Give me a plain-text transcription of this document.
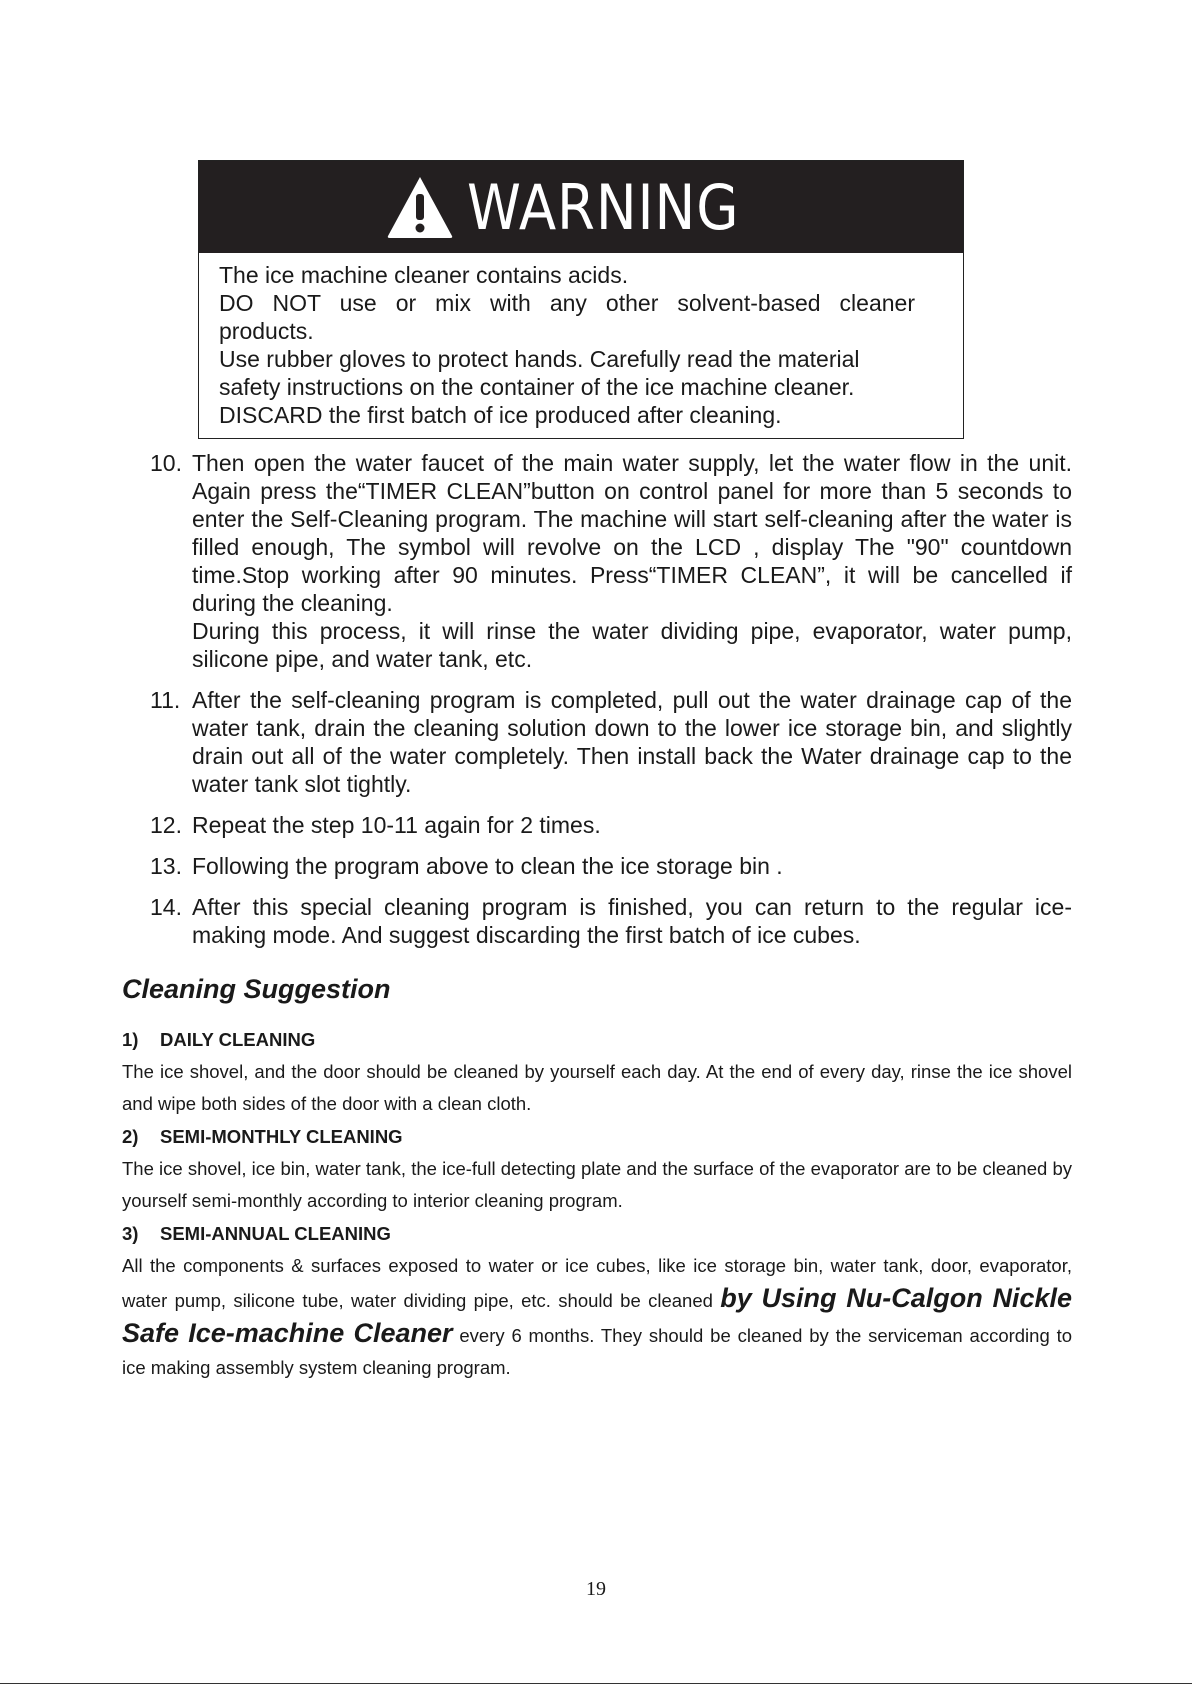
WARNING

The ice machine cleaner contains acids.

DO NOT use or mix with any other solvent-based cleaner

products.

Use rubber gloves to protect hands. Carefully read the material

safety instructions on the container of the ice machine cleaner.

DISCARD the first batch of ice produced after cleaning.

10. Then open the water faucet of the main water supply, let the water flow in the unit. Again press the“TIMER CLEAN”button on control panel for more than 5 seconds to enter the Self-Cleaning program. The machine will start self-cleaning after the water is filled enough, The symbol will revolve on the LCD , display The "90" countdown time.Stop working after 90 minutes. Press“TIMER CLEAN”, it will be cancelled if during the cleaning.

During this process, it will rinse the water dividing pipe, evaporator, water pump, silicone pipe, and water tank, etc.

11. After the self-cleaning program is completed, pull out the water drainage cap of the water tank, drain the cleaning solution down to the lower ice storage bin, and slightly drain out all of the water completely. Then install back the Water drainage cap to the water tank slot tightly.

12. Repeat the step 10-11 again for 2 times.

13. Following the program above to clean the ice storage bin .

14. After this special cleaning program is finished, you can return to the regular ice-making mode. And suggest discarding the first batch of ice cubes.

Cleaning Suggestion

1) DAILY CLEANING

The ice shovel, and the door should be cleaned by yourself each day. At the end of every day, rinse the ice shovel and wipe both sides of the door with a clean cloth.

2) SEMI-MONTHLY CLEANING

The ice shovel, ice bin, water tank, the ice-full detecting plate and the surface of the evaporator are to be cleaned by yourself semi-monthly according to interior cleaning program.

3) SEMI-ANNUAL CLEANING

All the components & surfaces exposed to water or ice cubes, like ice storage bin, water tank, door, evaporator, water pump, silicone tube, water dividing pipe, etc. should be cleaned by Using Nu-Calgon Nickle Safe Ice-machine Cleaner every 6 months. They should be cleaned by the serviceman according to ice making assembly system cleaning program.

19
